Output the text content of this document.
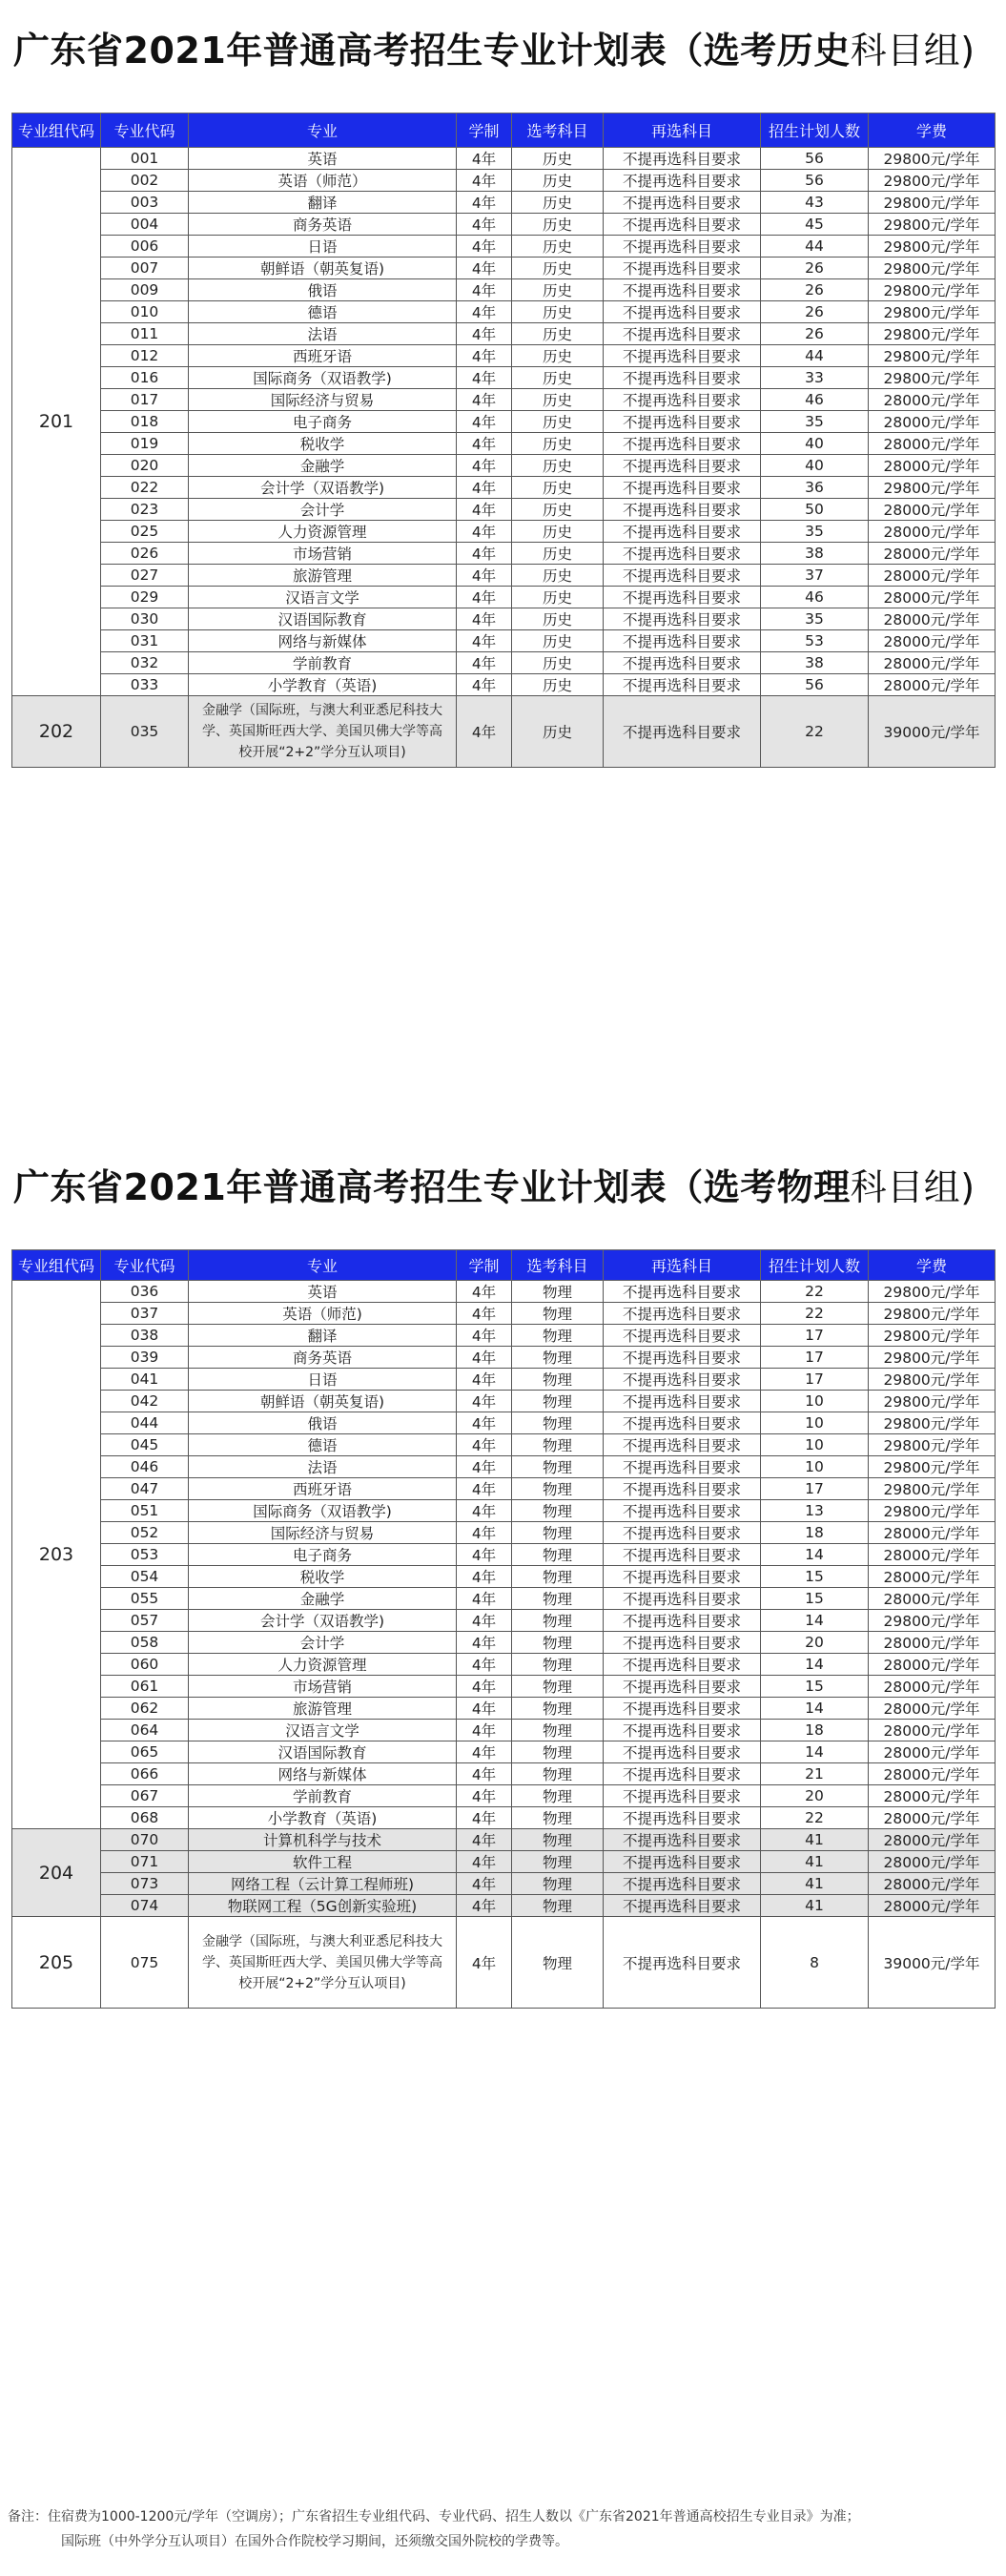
广东省2021年普通高考招生专业计划表（选考历史科目组)
专业组代码	专业代码	专业	学制	选考科目	再选科目	招生计划人数	学费
201	001	英语	4年	历史	不提再选科目要求	56	29800元/学年
	002	英语（师范）	4年	历史	不提再选科目要求	56	29800元/学年
	003	翻译	4年	历史	不提再选科目要求	43	29800元/学年
	004	商务英语	4年	历史	不提再选科目要求	45	29800元/学年
	006	日语	4年	历史	不提再选科目要求	44	29800元/学年
	007	朝鲜语（朝英复语)	4年	历史	不提再选科目要求	26	29800元/学年
	009	俄语	4年	历史	不提再选科目要求	26	29800元/学年
	010	德语	4年	历史	不提再选科目要求	26	29800元/学年
	011	法语	4年	历史	不提再选科目要求	26	29800元/学年
	012	西班牙语	4年	历史	不提再选科目要求	44	29800元/学年
	016	国际商务（双语教学)	4年	历史	不提再选科目要求	33	29800元/学年
	017	国际经济与贸易	4年	历史	不提再选科目要求	46	28000元/学年
	018	电子商务	4年	历史	不提再选科目要求	35	28000元/学年
	019	税收学	4年	历史	不提再选科目要求	40	28000元/学年
	020	金融学	4年	历史	不提再选科目要求	40	28000元/学年
	022	会计学（双语教学)	4年	历史	不提再选科目要求	36	29800元/学年
	023	会计学	4年	历史	不提再选科目要求	50	28000元/学年
	025	人力资源管理	4年	历史	不提再选科目要求	35	28000元/学年
	026	市场营销	4年	历史	不提再选科目要求	38	28000元/学年
	027	旅游管理	4年	历史	不提再选科目要求	37	28000元/学年
	029	汉语言文学	4年	历史	不提再选科目要求	46	28000元/学年
	030	汉语国际教育	4年	历史	不提再选科目要求	35	28000元/学年
	031	网络与新媒体	4年	历史	不提再选科目要求	53	28000元/学年
	032	学前教育	4年	历史	不提再选科目要求	38	28000元/学年
	033	小学教育（英语)	4年	历史	不提再选科目要求	56	28000元/学年
202	035	金融学（国际班，与澳大利亚悉尼科技大学、英国斯旺西大学、美国贝佛大学等高校开展“2+2”学分互认项目)	4年	历史	不提再选科目要求	22	39000元/学年
广东省2021年普通高考招生专业计划表（选考物理科目组)
专业组代码	专业代码	专业	学制	选考科目	再选科目	招生计划人数	学费
203	036	英语	4年	物理	不提再选科目要求	22	29800元/学年
	037	英语（师范)	4年	物理	不提再选科目要求	22	29800元/学年
	038	翻译	4年	物理	不提再选科目要求	17	29800元/学年
	039	商务英语	4年	物理	不提再选科目要求	17	29800元/学年
	041	日语	4年	物理	不提再选科目要求	17	29800元/学年
	042	朝鲜语（朝英复语)	4年	物理	不提再选科目要求	10	29800元/学年
	044	俄语	4年	物理	不提再选科目要求	10	29800元/学年
	045	德语	4年	物理	不提再选科目要求	10	29800元/学年
	046	法语	4年	物理	不提再选科目要求	10	29800元/学年
	047	西班牙语	4年	物理	不提再选科目要求	17	29800元/学年
	051	国际商务（双语教学)	4年	物理	不提再选科目要求	13	29800元/学年
	052	国际经济与贸易	4年	物理	不提再选科目要求	18	28000元/学年
	053	电子商务	4年	物理	不提再选科目要求	14	28000元/学年
	054	税收学	4年	物理	不提再选科目要求	15	28000元/学年
	055	金融学	4年	物理	不提再选科目要求	15	28000元/学年
	057	会计学（双语教学)	4年	物理	不提再选科目要求	14	29800元/学年
	058	会计学	4年	物理	不提再选科目要求	20	28000元/学年
	060	人力资源管理	4年	物理	不提再选科目要求	14	28000元/学年
	061	市场营销	4年	物理	不提再选科目要求	15	28000元/学年
	062	旅游管理	4年	物理	不提再选科目要求	14	28000元/学年
	064	汉语言文学	4年	物理	不提再选科目要求	18	28000元/学年
	065	汉语国际教育	4年	物理	不提再选科目要求	14	28000元/学年
	066	网络与新媒体	4年	物理	不提再选科目要求	21	28000元/学年
	067	学前教育	4年	物理	不提再选科目要求	20	28000元/学年
	068	小学教育（英语)	4年	物理	不提再选科目要求	22	28000元/学年
204	070	计算机科学与技术	4年	物理	不提再选科目要求	41	28000元/学年
	071	软件工程	4年	物理	不提再选科目要求	41	28000元/学年
	073	网络工程（云计算工程师班)	4年	物理	不提再选科目要求	41	28000元/学年
	074	物联网工程（5G创新实验班)	4年	物理	不提再选科目要求	41	28000元/学年
205	075	金融学（国际班，与澳大利亚悉尼科技大学、英国斯旺西大学、美国贝佛大学等高校开展“2+2”学分互认项目)	4年	物理	不提再选科目要求	8	39000元/学年
备注：住宿费为1000-1200元/学年（空调房）；广东省招生专业组代码、专业代码、招生人数以《广东省2021年普通高校招生专业目录》为准；
国际班（中外学分互认项目）在国外合作院校学习期间，还须缴交国外院校的学费等。
